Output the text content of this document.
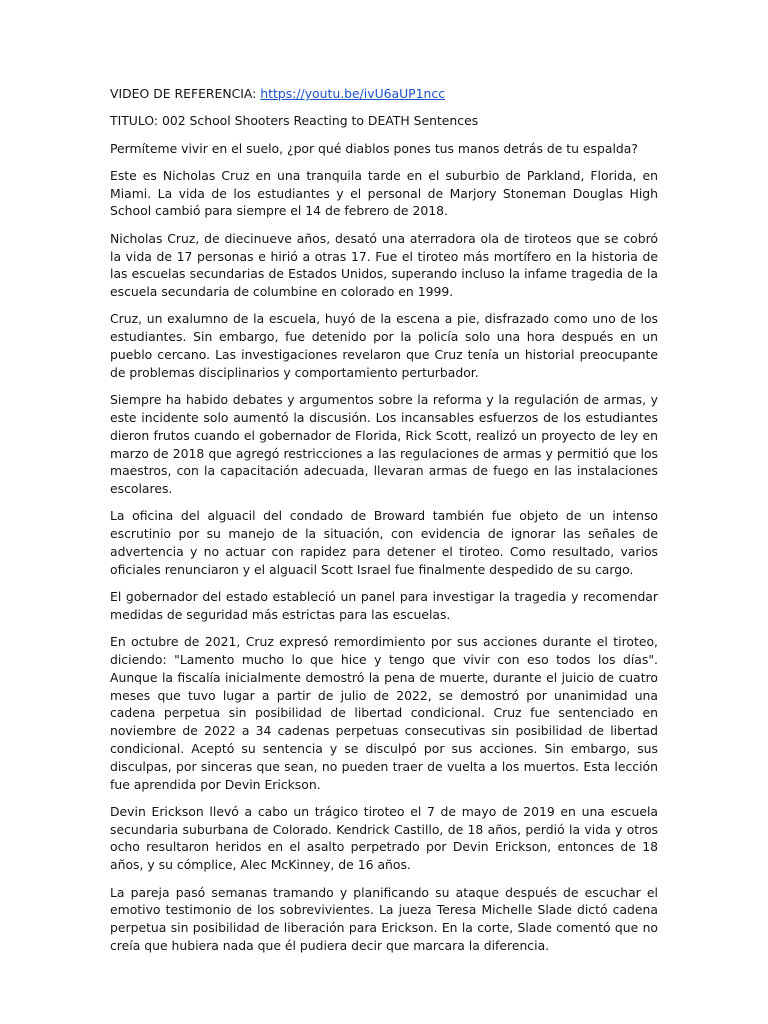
VIDEO DE REFERENCIA: https://youtu.be/ivU6aUP1ncc

TITULO: 002 School Shooters Reacting to DEATH Sentences

Permíteme vivir en el suelo, ¿por qué diablos pones tus manos detrás de tu espalda?

Este es Nicholas Cruz en una tranquila tarde en el suburbio de Parkland, Florida, en Miami. La vida de los estudiantes y el personal de Marjory Stoneman Douglas High School cambió para siempre el 14 de febrero de 2018.

Nicholas Cruz, de diecinueve años, desató una aterradora ola de tiroteos que se cobró la vida de 17 personas e hirió a otras 17. Fue el tiroteo más mortífero en la historia de las escuelas secundarias de Estados Unidos, superando incluso la infame tragedia de la escuela secundaria de columbine en colorado en 1999.

Cruz, un exalumno de la escuela, huyó de la escena a pie, disfrazado como uno de los estudiantes. Sin embargo, fue detenido por la policía solo una hora después en un pueblo cercano. Las investigaciones revelaron que Cruz tenía un historial preocupante de problemas disciplinarios y comportamiento perturbador.

Siempre ha habido debates y argumentos sobre la reforma y la regulación de armas, y este incidente solo aumentó la discusión. Los incansables esfuerzos de los estudiantes dieron frutos cuando el gobernador de Florida, Rick Scott, realizó un proyecto de ley en marzo de 2018 que agregó restricciones a las regulaciones de armas y permitió que los maestros, con la capacitación adecuada, llevaran armas de fuego en las instalaciones escolares.

La oficina del alguacil del condado de Broward también fue objeto de un intenso escrutinio por su manejo de la situación, con evidencia de ignorar las señales de advertencia y no actuar con rapidez para detener el tiroteo. Como resultado, varios oficiales renunciaron y el alguacil Scott Israel fue finalmente despedido de su cargo.

El gobernador del estado estableció un panel para investigar la tragedia y recomendar medidas de seguridad más estrictas para las escuelas.

En octubre de 2021, Cruz expresó remordimiento por sus acciones durante el tiroteo, diciendo: "Lamento mucho lo que hice y tengo que vivir con eso todos los días". Aunque la fiscalía inicialmente demostró la pena de muerte, durante el juicio de cuatro meses que tuvo lugar a partir de julio de 2022, se demostró por unanimidad una cadena perpetua sin posibilidad de libertad condicional. Cruz fue sentenciado en noviembre de 2022 a 34 cadenas perpetuas consecutivas sin posibilidad de libertad condicional. Aceptó su sentencia y se disculpó por sus acciones. Sin embargo, sus disculpas, por sinceras que sean, no pueden traer de vuelta a los muertos. Esta lección fue aprendida por Devin Erickson.

Devin Erickson llevó a cabo un trágico tiroteo el 7 de mayo de 2019 en una escuela secundaria suburbana de Colorado. Kendrick Castillo, de 18 años, perdió la vida y otros ocho resultaron heridos en el asalto perpetrado por Devin Erickson, entonces de 18 años, y su cómplice, Alec McKinney, de 16 años.

La pareja pasó semanas tramando y planificando su ataque después de escuchar el emotivo testimonio de los sobrevivientes. La jueza Teresa Michelle Slade dictó cadena perpetua sin posibilidad de liberación para Erickson. En la corte, Slade comentó que no creía que hubiera nada que él pudiera decir que marcara la diferencia.
